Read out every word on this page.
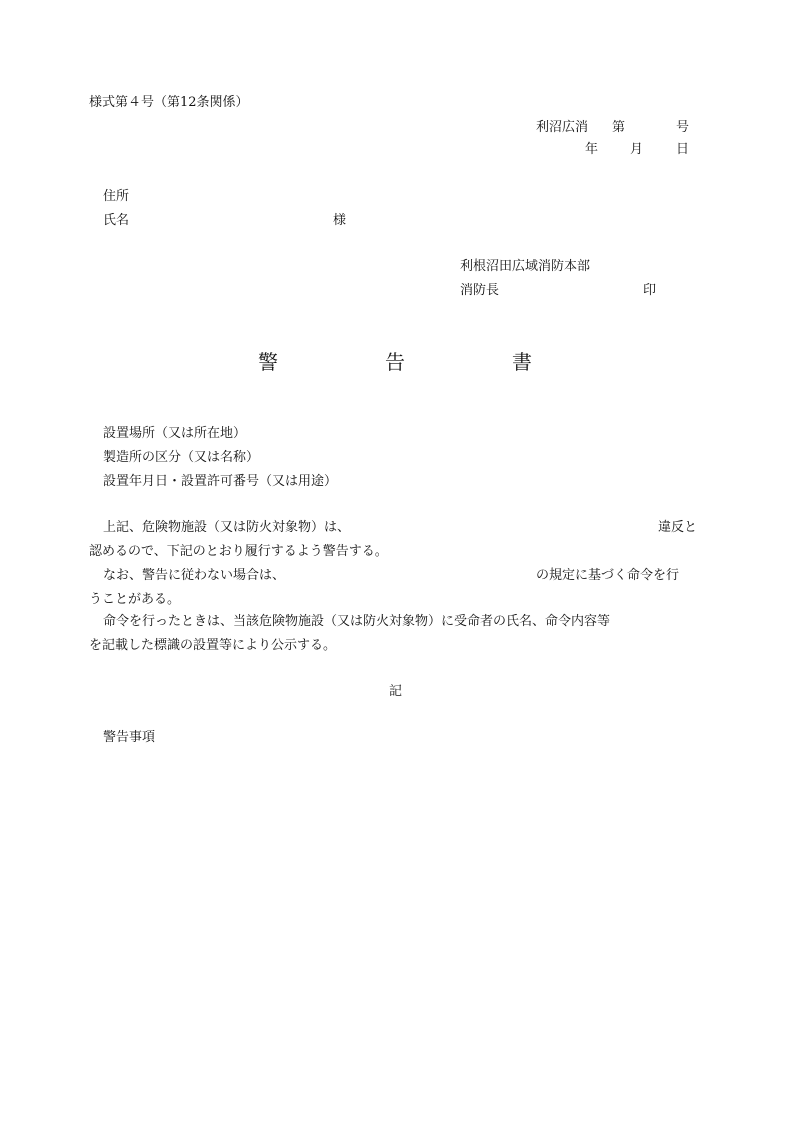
様式第４号（第12条関係）
利沼広消 第	号
年 月	日
住所
氏名	様
利根沼田広域消防本部
消防長	印
警	告	書
設置場所（又は所在地）
製造所の区分（又は名称）
設置年月日・設置許可番号（又は用途）
上記、危険物施設（又は防火対象物）は、	違反と
認めるので、下記のとおり履行するよう警告する。
なお、警告に従わない場合は、	の規定に基づく命令を行
うことがある。
命令を行ったときは、当該危険物施設（又は防火対象物）に受命者の氏名、命令内容等
を記載した標識の設置等により公示する。
記
警告事項
